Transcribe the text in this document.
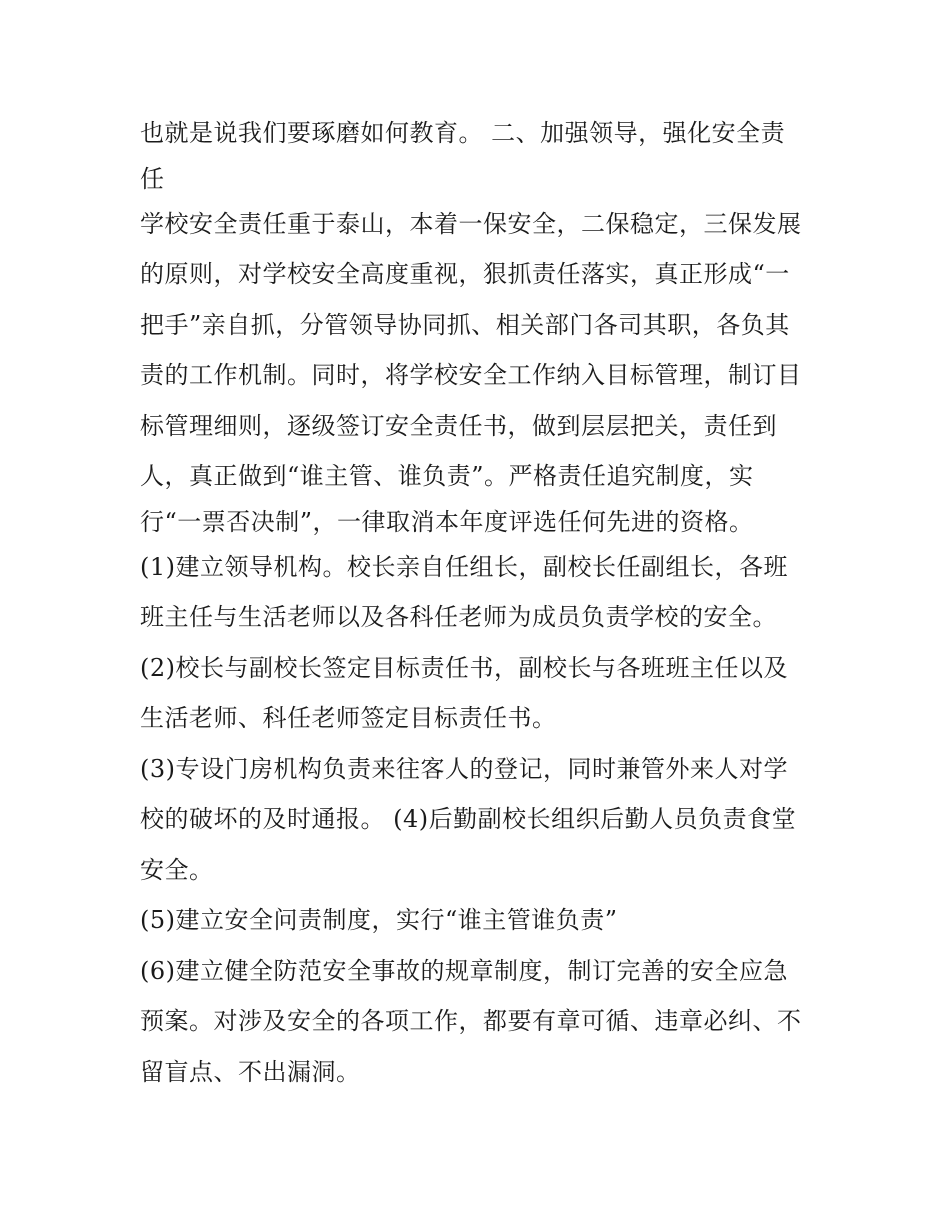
也就是说我们要琢磨如何教育。 二、加强领导，强化安全责
任
学校安全责任重于泰山，本着一保安全，二保稳定，三保发展
的原则，对学校安全高度重视，狠抓责任落实，真正形成“一
把手”亲自抓，分管领导协同抓、相关部门各司其职，各负其
责的工作机制。同时，将学校安全工作纳入目标管理，制订目
标管理细则，逐级签订安全责任书，做到层层把关，责任到
人，真正做到“谁主管、谁负责”。严格责任追究制度，实
行“一票否决制”，一律取消本年度评选任何先进的资格。
(1)建立领导机构。校长亲自任组长，副校长任副组长，各班
班主任与生活老师以及各科任老师为成员负责学校的安全。
(2)校长与副校长签定目标责任书，副校长与各班班主任以及
生活老师、科任老师签定目标责任书。
(3)专设门房机构负责来往客人的登记，同时兼管外来人对学
校的破坏的及时通报。 (4)后勤副校长组织后勤人员负责食堂
安全。
(5)建立安全问责制度，实行“谁主管谁负责”
(6)建立健全防范安全事故的规章制度，制订完善的安全应急
预案。对涉及安全的各项工作，都要有章可循、违章必纠、不
留盲点、不出漏洞。
